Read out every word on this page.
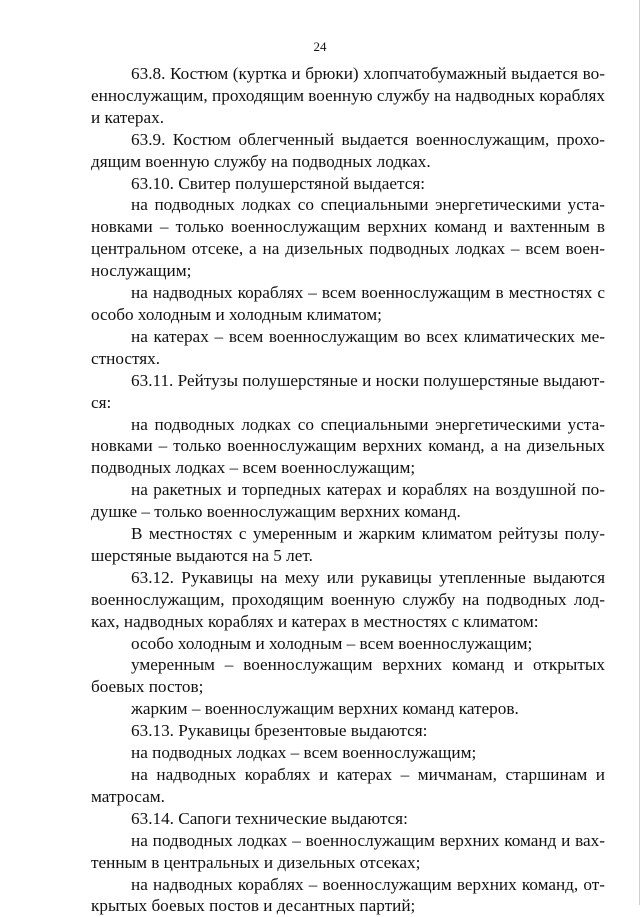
24

63.8. Костюм (куртка и брюки) хлопчатобумажный выдается военнослужащим, проходящим военную службу на надводных кораблях и катерах.

63.9. Костюм облегченный выдается военнослужащим, проходящим военную службу на подводных лодках.

63.10. Свитер полушерстяной выдается:

на подводных лодках со специальными энергетическими установками – только военнослужащим верхних команд и вахтенным в центральном отсеке, а на дизельных подводных лодках – всем военнослужащим;

на надводных кораблях – всем военнослужащим в местностях с особо холодным и холодным климатом;

на катерах – всем военнослужащим во всех климатических местностях.

63.11. Рейтузы полушерстяные и носки полушерстяные выдаются:

на подводных лодках со специальными энергетическими установками – только военнослужащим верхних команд, а на дизельных подводных лодках – всем военнослужащим;

на ракетных и торпедных катерах и кораблях на воздушной подушке – только военнослужащим верхних команд.

В местностях с умеренным и жарким климатом рейтузы полушерстяные выдаются на 5 лет.

63.12. Рукавицы на меху или рукавицы утепленные выдаются военнослужащим, проходящим военную службу на подводных лодках, надводных кораблях и катерах в местностях с климатом:

особо холодным и холодным – всем военнослужащим;

умеренным – военнослужащим верхних команд и открытых боевых постов;

жарким – военнослужащим верхних команд катеров.

63.13. Рукавицы брезентовые выдаются:

на подводных лодках – всем военнослужащим;

на надводных кораблях и катерах – мичманам, старшинам и матросам.

63.14. Сапоги технические выдаются:

на подводных лодках – военнослужащим верхних команд и вахтенным в центральных и дизельных отсеках;

на надводных кораблях – военнослужащим верхних команд, открытых боевых постов и десантных партий;
